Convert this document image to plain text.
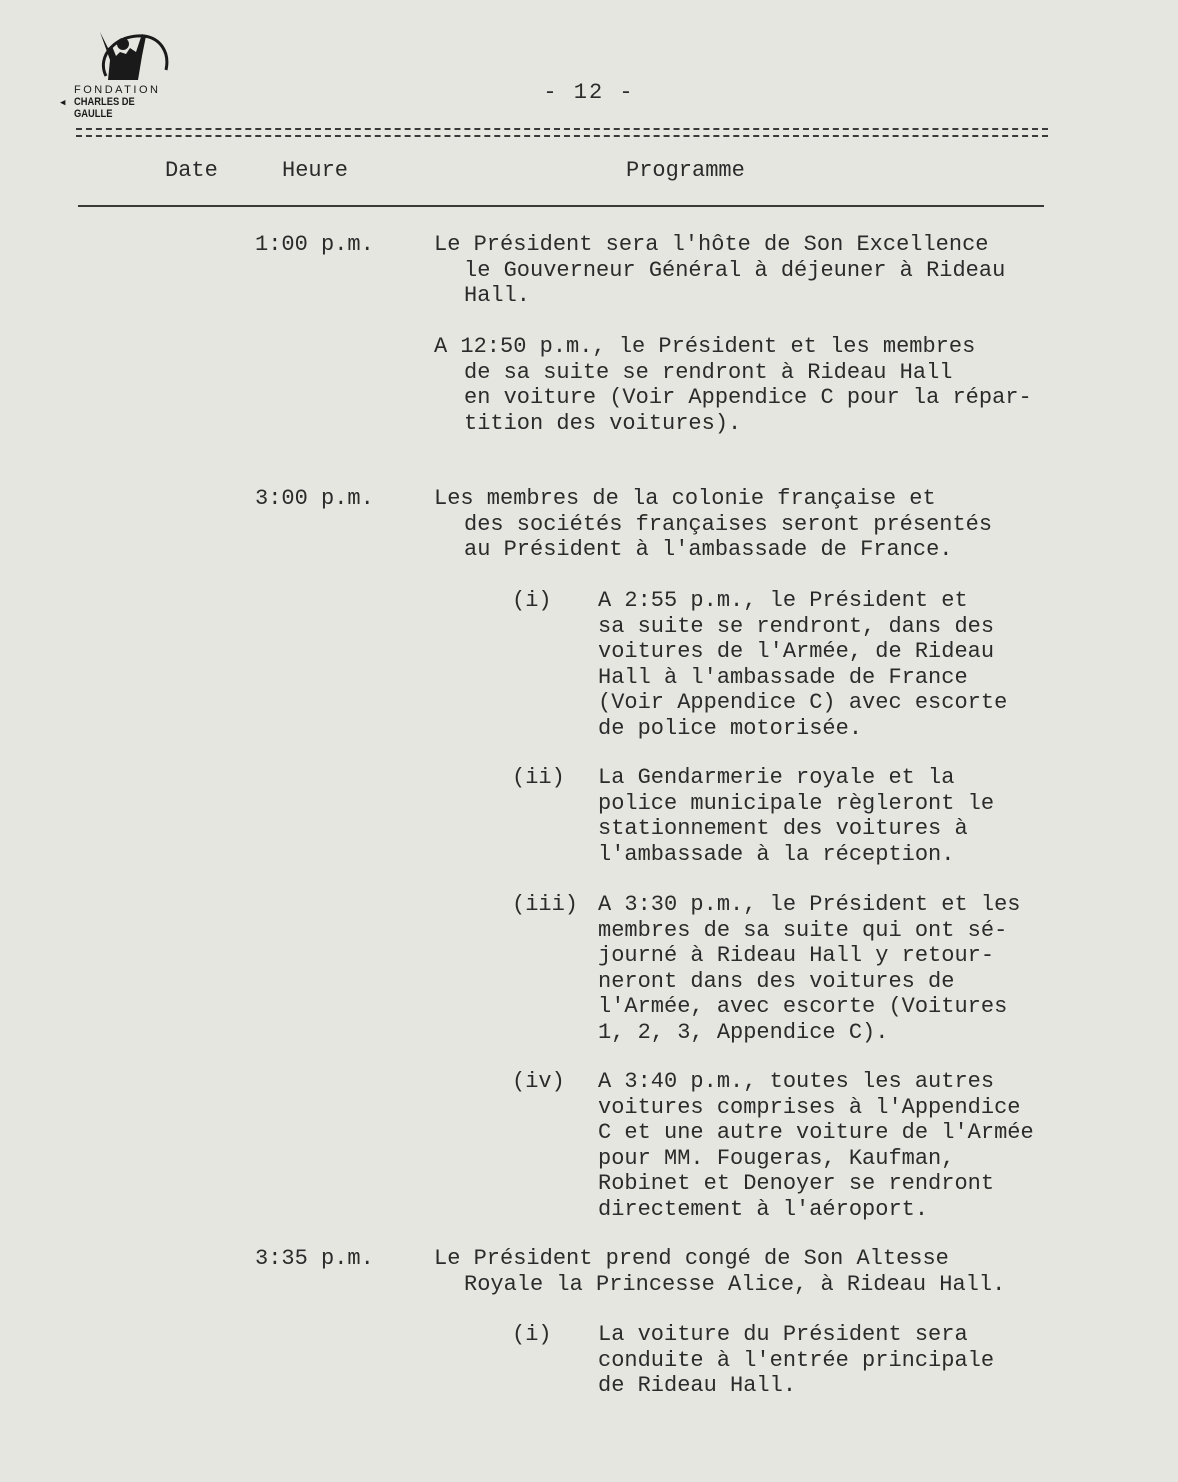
◀
FONDATION
CHARLES DE GAULLE
- 12 -
Date	Heure	Programme
1:00 p.m.	Le Président sera l'hôte de Son Excellence
le Gouverneur Général à déjeuner à Rideau
Hall.
A 12:50 p.m., le Président et les membres
de sa suite se rendront à Rideau Hall
en voiture (Voir Appendice C pour la répar-
tition des voitures).
3:00 p.m.	Les membres de la colonie française et
des sociétés françaises seront présentés
au Président à l'ambassade de France.
(i) A 2:55 p.m., le Président et
sa suite se rendront, dans des
voitures de l'Armée, de Rideau
Hall à l'ambassade de France
(Voir Appendice C) avec escorte
de police motorisée.
(ii) La Gendarmerie royale et la
police municipale règleront le
stationnement des voitures à
l'ambassade à la réception.
(iii) A 3:30 p.m., le Président et les
membres de sa suite qui ont sé-
journé à Rideau Hall y retour-
neront dans des voitures de
l'Armée, avec escorte (Voitures
1, 2, 3, Appendice C).
(iv) A 3:40 p.m., toutes les autres
voitures comprises à l'Appendice
C et une autre voiture de l'Armée
pour MM. Fougeras, Kaufman,
Robinet et Denoyer se rendront
directement à l'aéroport.
3:35 p.m.	Le Président prend congé de Son Altesse
Royale la Princesse Alice, à Rideau Hall.
(i) La voiture du Président sera
conduite à l'entrée principale
de Rideau Hall.
